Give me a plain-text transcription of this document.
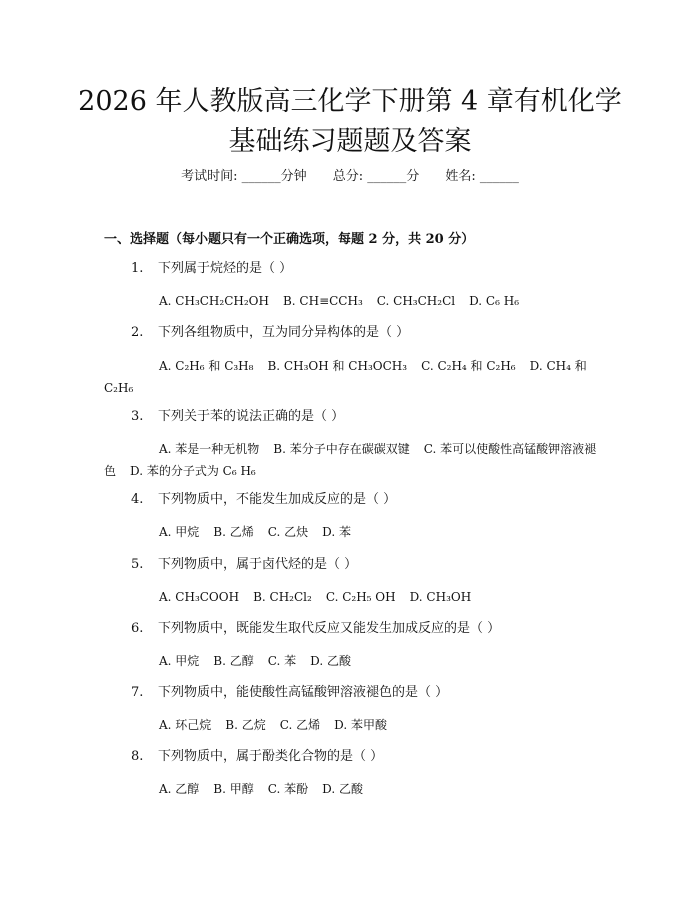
2026 年人教版高三化学下册第 4 章有机化学
基础练习题题及答案
考试时间: ______分钟 总分: ______分 姓名: ______
一、选择题（每小题只有一个正确选项，每题 2 分，共 20 分）
1. 下列属于烷烃的是（ ）
A. CH₃CH₂CH₂OH B. CH≡CCH₃ C. CH₃CH₂Cl D. C₆ H₆
2. 下列各组物质中，互为同分异构体的是（ ）
A. C₂H₆ 和 C₃H₈ B. CH₃OH 和 CH₃OCH₃ C. C₂H₄ 和 C₂H₆ D. CH₄ 和 C₂H₆
3. 下列关于苯的说法正确的是（ ）
A. 苯是一种无机物 B. 苯分子中存在碳碳双键 C. 苯可以使酸性高锰酸钾溶液褪色 D. 苯的分子式为 C₆ H₆
4. 下列物质中，不能发生加成反应的是（ ）
A. 甲烷 B. 乙烯 C. 乙炔 D. 苯
5. 下列物质中，属于卤代烃的是（ ）
A. CH₃COOH B. CH₂Cl₂ C. C₂H₅ OH D. CH₃OH
6. 下列物质中，既能发生取代反应又能发生加成反应的是（ ）
A. 甲烷 B. 乙醇 C. 苯 D. 乙酸
7. 下列物质中，能使酸性高锰酸钾溶液褪色的是（ ）
A. 环己烷 B. 乙烷 C. 乙烯 D. 苯甲酸
8. 下列物质中，属于酚类化合物的是（ ）
A. 乙醇 B. 甲醇 C. 苯酚 D. 乙酸
